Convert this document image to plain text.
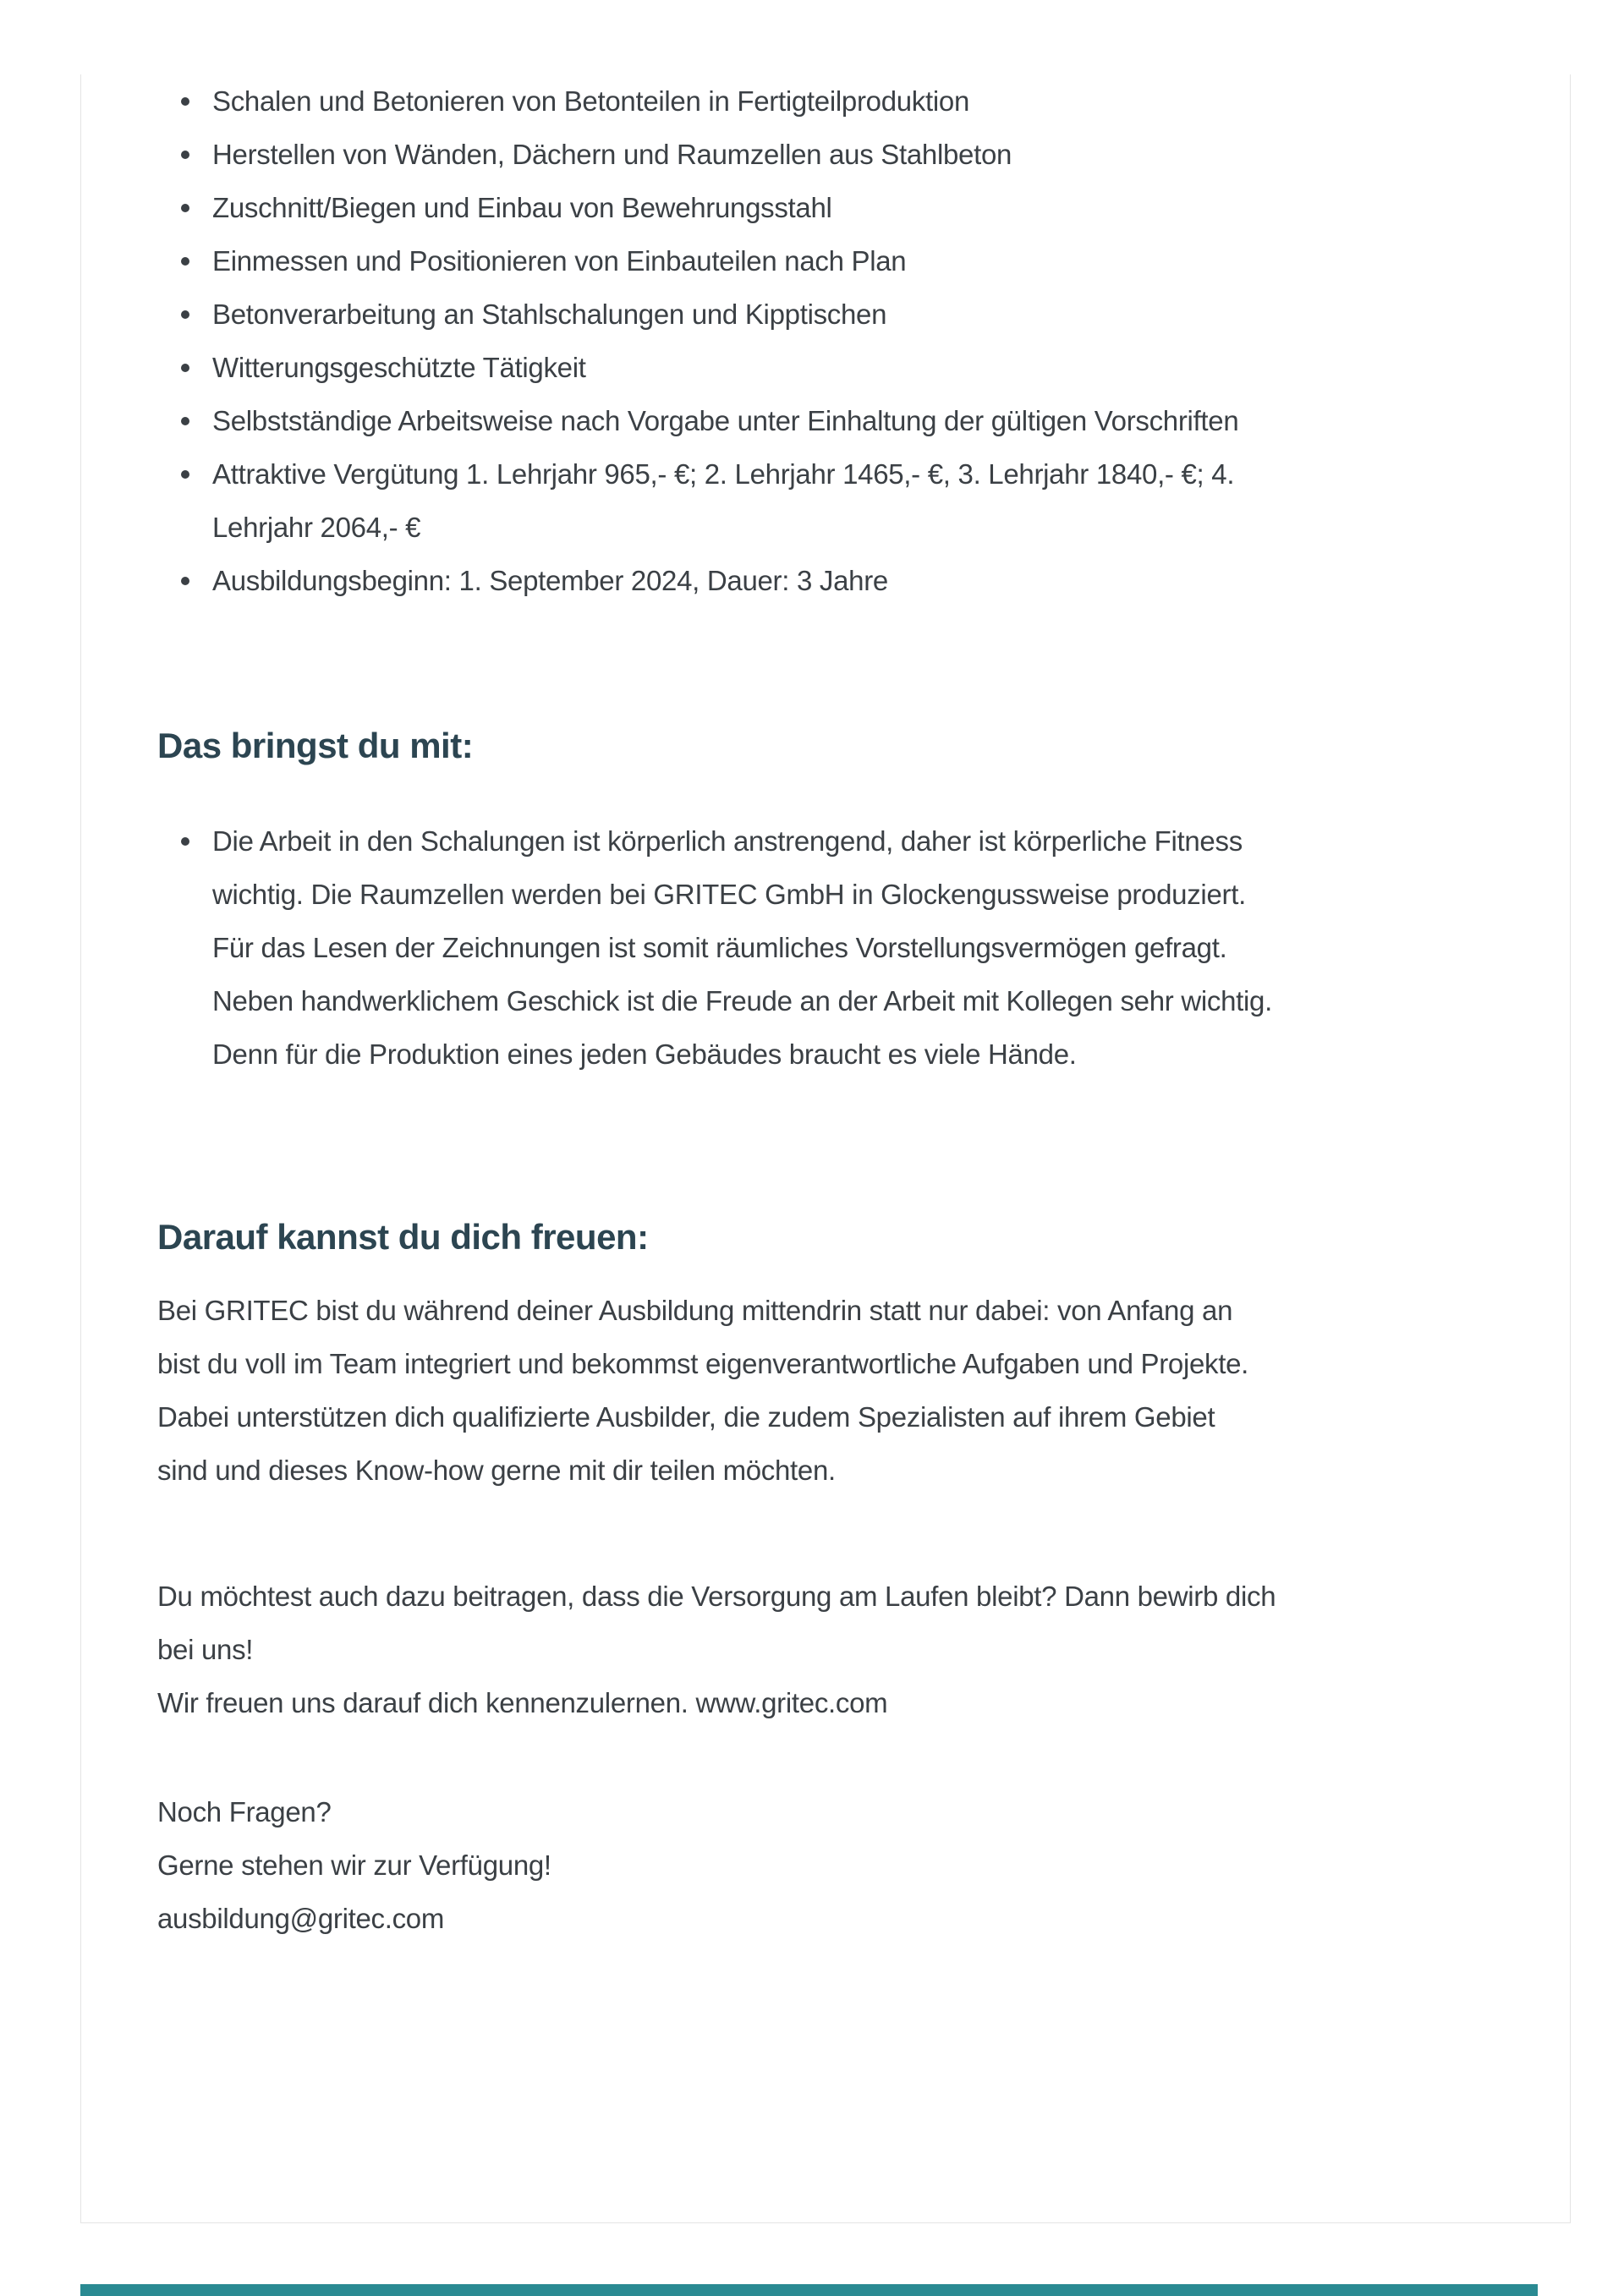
Schalen und Betonieren von Betonteilen in Fertigteilproduktion
Herstellen von Wänden, Dächern und Raumzellen aus Stahlbeton
Zuschnitt/Biegen und Einbau von Bewehrungsstahl
Einmessen und Positionieren von Einbauteilen nach Plan
Betonverarbeitung an Stahlschalungen und Kipptischen
Witterungsgeschützte Tätigkeit
Selbstständige Arbeitsweise nach Vorgabe unter Einhaltung der gültigen Vorschriften
Attraktive Vergütung 1. Lehrjahr 965,- €; 2. Lehrjahr 1465,- €, 3. Lehrjahr 1840,- €; 4.
Lehrjahr 2064,- €
Ausbildungsbeginn: 1. September 2024, Dauer: 3 Jahre
Das bringst du mit:
Die Arbeit in den Schalungen ist körperlich anstrengend, daher ist körperliche Fitness
wichtig. Die Raumzellen werden bei GRITEC GmbH in Glockengussweise produziert.
Für das Lesen der Zeichnungen ist somit räumliches Vorstellungsvermögen gefragt.
Neben handwerklichem Geschick ist die Freude an der Arbeit mit Kollegen sehr wichtig.
Denn für die Produktion eines jeden Gebäudes braucht es viele Hände.
Darauf kannst du dich freuen:
Bei GRITEC bist du während deiner Ausbildung mittendrin statt nur dabei: von Anfang an
bist du voll im Team integriert und bekommst eigenverantwortliche Aufgaben und Projekte.
Dabei unterstützen dich qualifizierte Ausbilder, die zudem Spezialisten auf ihrem Gebiet
sind und dieses Know-how gerne mit dir teilen möchten.
Du möchtest auch dazu beitragen, dass die Versorgung am Laufen bleibt? Dann bewirb dich
bei uns!
Wir freuen uns darauf dich kennenzulernen. www.gritec.com
Noch Fragen?
Gerne stehen wir zur Verfügung!
ausbildung@gritec.com
